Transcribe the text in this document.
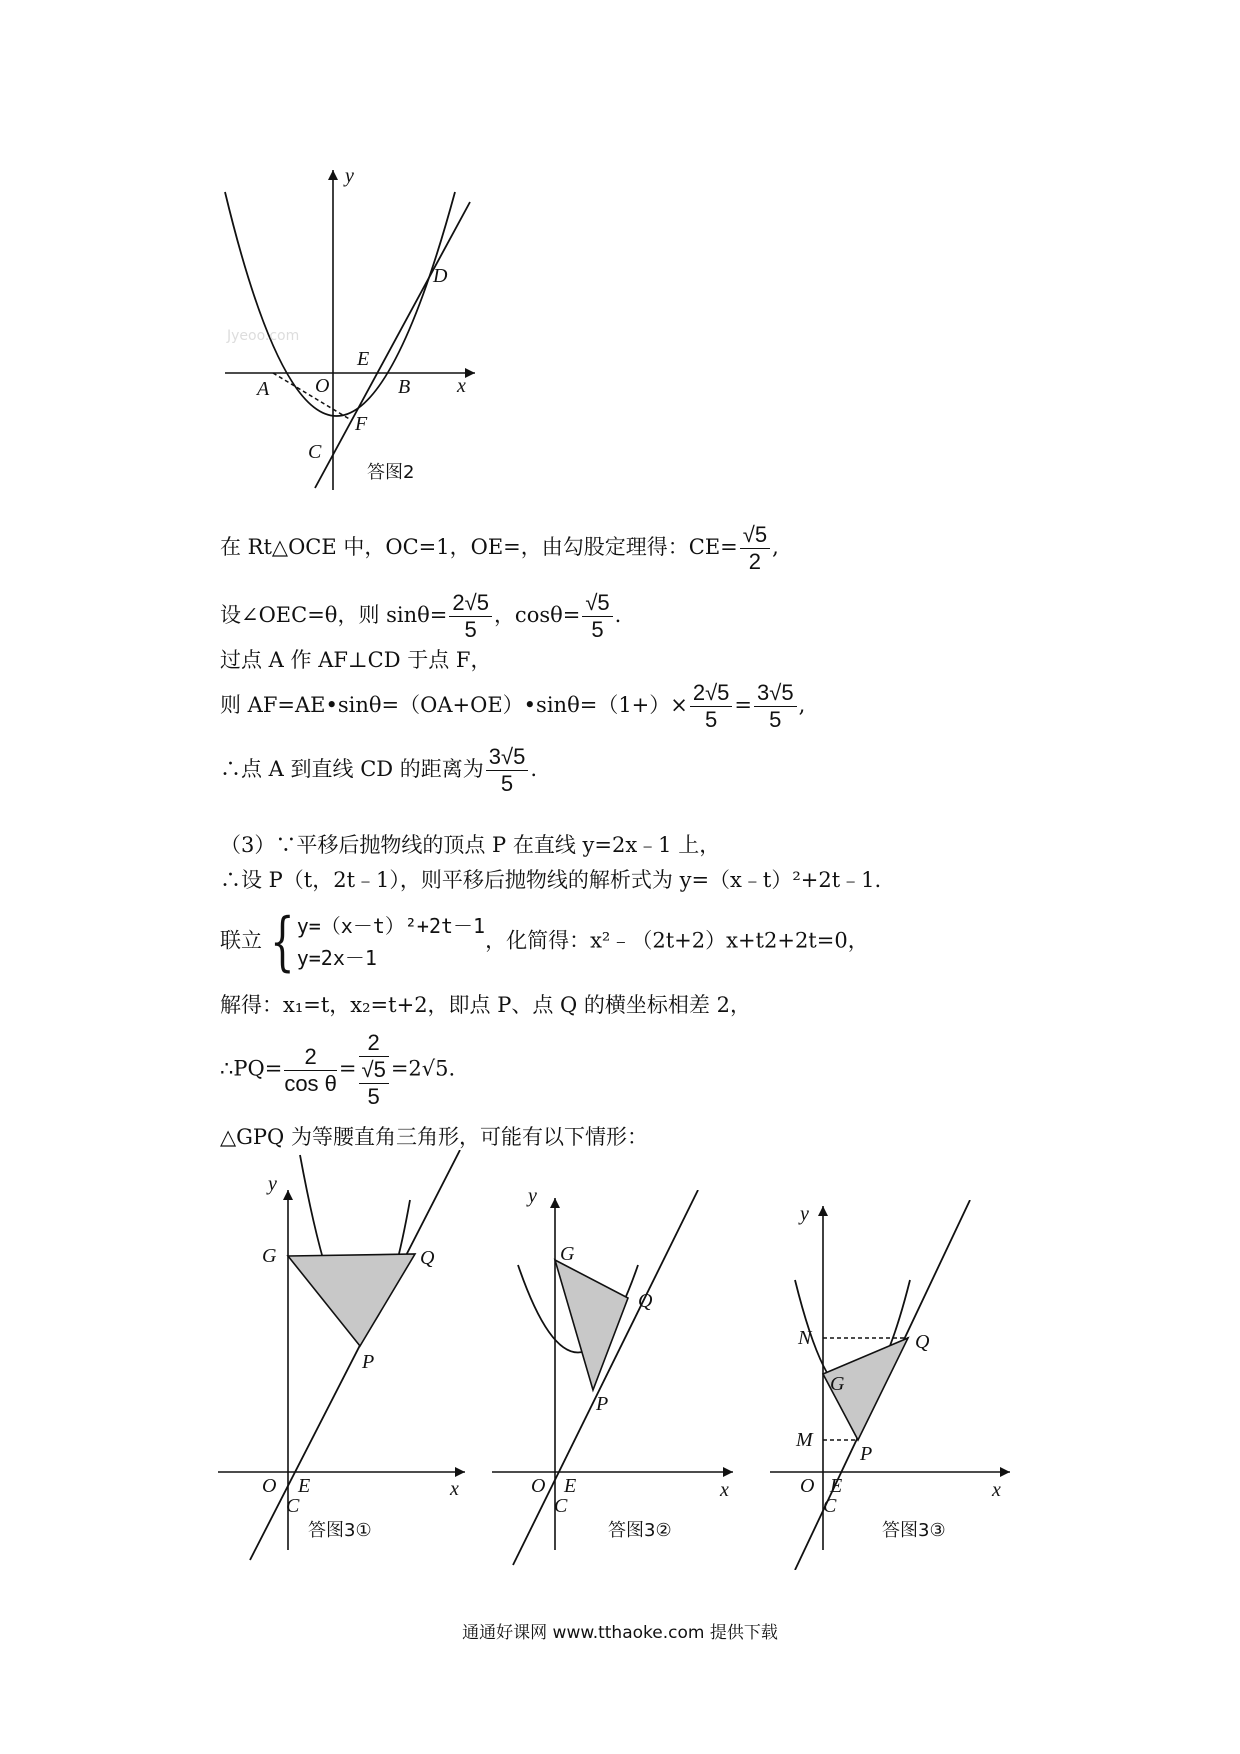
y
x
A O	B
C
D
E
F
Jyeoo.com
答图2
在 Rt△OCE 中，OC=1，OE=，由勾股定理得：$CE= \frac{√5}{2}$ ,
设∠OEC=θ，则 $\sin\theta= \frac{2√5}{5}$ ，$\cos\theta= \frac{√5}{5}$ .
过点 A 作 AF⊥CD 于点 F，
则 AF=AE•sinθ=（OA+OE）•sinθ=（1+）× $\frac{2√5}{5} = \frac{3√5}{5}$ ,
∴点 A 到直线 CD 的距离为 $\frac{3√5}{5}$ .
（3）∵平移后抛物线的顶点 P 在直线 y=2x﹣1 上，
∴设 P（t，2t﹣1），则平移后抛物线的解析式为 y=（x﹣t）²+2t﹣1.
联立 { y=（x－t）²+2t－1
y=2x－1
，化简得：x²﹣（2t+2）x+t2+2t=0，
解得：x₁=t，x₂=t+2，即点 P、点 Q 的横坐标相差 2，
∴PQ= $\frac{2}{\text{cos θ}} = \frac{2}{\frac{√5}{5}} =2√5$.
△GPQ 为等腰直角三角形，可能有以下情形：
y
x
O E
C
G
P
Q
答图3①
y
x
O E
C
G
P
Q
答图3②
y
x
O E
C
G
P
Q
N
M
答图3③
通通好课网 www.tthaoke.com 提供下载
